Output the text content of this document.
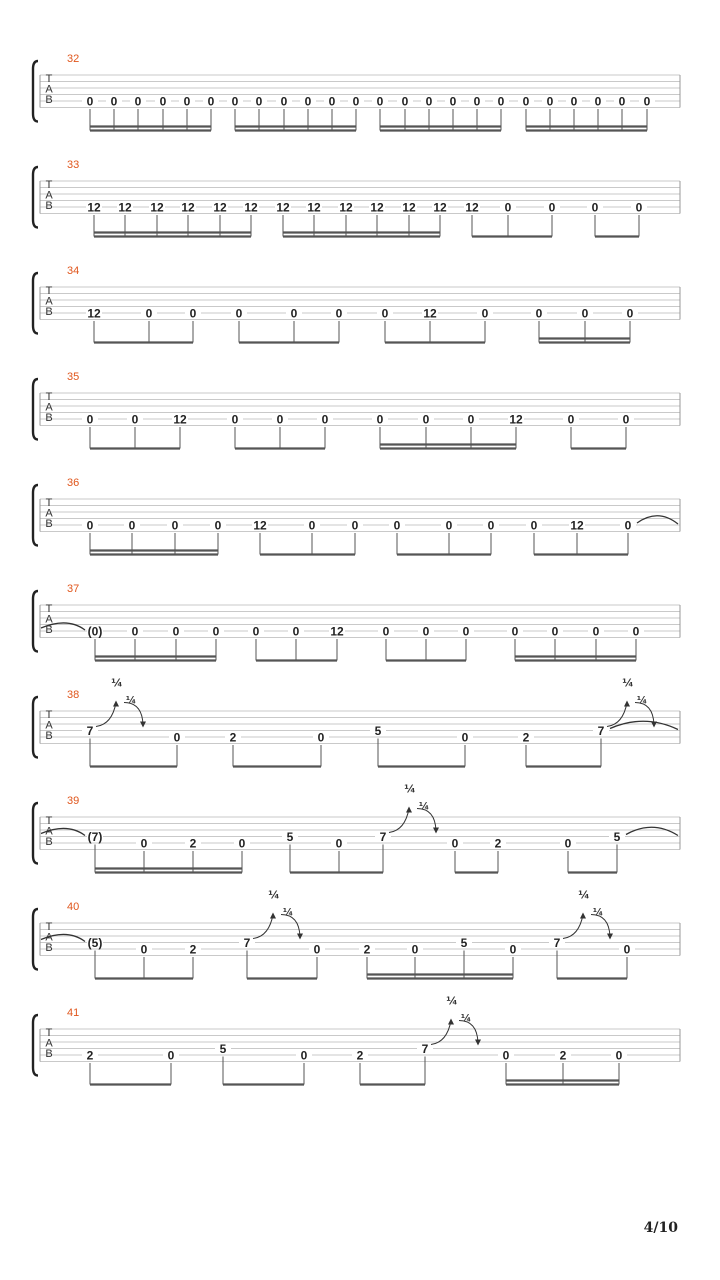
T
A
B
32
0 0 0 0 0 0 0 0 0 0 0 0 0 0 0 0 0 0 0 0 0 0 0 0
T
A
B
33
12 12 12 12 12 12 12 12 12 12 12 12 12 0	0	0	0
T
A
B
34
12	0	0	0	0	0	0	12	0	0	0	0
T
A
B
35
0	0	12	0	0	0	0	0	0	12	0	0
T
A
B
36
0	0	0	0	12	0	0	0	0	0	0	12	0
T
A
B
37
(0) 0	0	0	0	0	12	0	0	0	0	0	0	0
T
A
B
38
7	0	2	0	5	0	2	7
¼
¼
¼
¼
T
A
B
39
(7)	0	2	0	5	0	7	0	2	0	5
¼
¼
T
A
B
40
(5)	0	2	7	0	2	0	5	0	7	0
¼
¼
¼
¼
T
A
B
41
2	0	5	0	2	7	0	2	0
¼
¼
4/10
